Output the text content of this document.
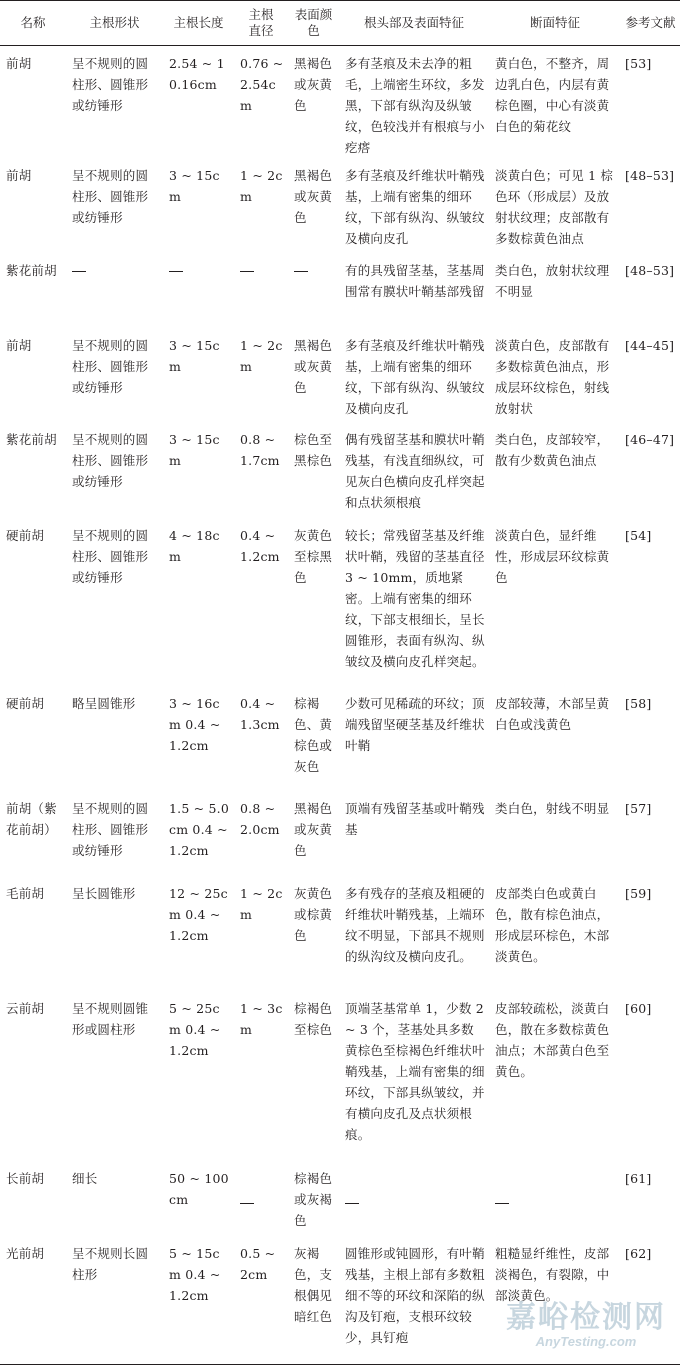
名称	主根形状	主根长度	主根直径	表面颜色	根头部及表面特征	断面特征	参考文献
前胡	呈不规则的圆柱形、圆锥形或纺锤形	2.54 ~ 10.16cm	0.76 ~ 2.54cm	黑褐色或灰黄色	多有茎痕及未去净的粗毛，上端密生环纹，多发黑，下部有纵沟及纵皱纹，色较浅并有根痕与小疙瘩	黄白色，不整齐，周边乳白色，内层有黄棕色圈，中心有淡黄白色的菊花纹	[53]
前胡	呈不规则的圆柱形、圆锥形或纺锤形	3 ~ 15cm	1 ~ 2cm	黑褐色或灰黄色	多有茎痕及纤维状叶鞘残基，上端有密集的细环纹，下部有纵沟、纵皱纹及横向皮孔	淡黄白色；可见 1 棕色环（形成层）及放射状纹理；皮部散有多数棕黄色油点	[48–53]
紫花前胡					有的具残留茎基，茎基周围常有膜状叶鞘基部残留	类白色，放射状纹理不明显	[48–53]
前胡	呈不规则的圆柱形、圆锥形或纺锤形	3 ~ 15cm	1 ~ 2cm	黑褐色或灰黄色	多有茎痕及纤维状叶鞘残基，上端有密集的细环纹，下部有纵沟、纵皱纹及横向皮孔	淡黄白色，皮部散有多数棕黄色油点，形成层环纹棕色，射线放射状	[44–45]
紫花前胡	呈不规则的圆柱形、圆锥形或纺锤形	3 ~ 15cm	0.8 ~ 1.7cm	棕色至黑棕色	偶有残留茎基和膜状叶鞘残基，有浅直细纵纹，可见灰白色横向皮孔样突起和点状须根痕	类白色，皮部较窄，散有少数黄色油点	[46–47]
硬前胡	呈不规则的圆柱形、圆锥形或纺锤形	4 ~ 18cm	0.4 ~ 1.2cm	灰黄色至棕黑色	较长；常残留茎基及纤维状叶鞘，残留的茎基直径 3 ~ 10mm，质地紧密。上端有密集的细环纹，下部支根细长，呈长圆锥形，表面有纵沟、纵皱纹及横向皮孔样突起。	淡黄白色，显纤维性，形成层环纹棕黄色	[54]
硬前胡	略呈圆锥形	3 ~ 16cm 0.4 ~ 1.2cm	0.4 ~ 1.3cm	棕褐色、黄棕色或灰色	少数可见稀疏的环纹；顶端残留坚硬茎基及纤维状叶鞘	皮部较薄，木部呈黄白色或浅黄色	[58]
前胡（紫花前胡）	呈不规则的圆柱形、圆锥形或纺锤形	1.5 ~ 5.0cm 0.4 ~ 1.2cm	0.8 ~ 2.0cm	黑褐色或灰黄色	顶端有残留茎基或叶鞘残基	类白色，射线不明显	[57]
毛前胡	呈长圆锥形	12 ~ 25cm 0.4 ~ 1.2cm	1 ~ 2cm	灰黄色或棕黄色	多有残存的茎痕及粗硬的纤维状叶鞘残基，上端环纹不明显，下部具不规则的纵沟纹及横向皮孔。	皮部类白色或黄白色，散有棕色油点，形成层环棕色，木部淡黄色。	[59]
云前胡	呈不规则圆锥形或圆柱形	5 ~ 25cm 0.4 ~ 1.2cm	1 ~ 3cm	棕褐色至棕色	顶端茎基常单 1，少数 2 ~ 3 个，茎基处具多数黄棕色至棕褐色纤维状叶鞘残基，上端有密集的细环纹，下部具纵皱纹，并有横向皮孔及点状须根痕。	皮部较疏松，淡黄白色，散在多数棕黄色油点；木部黄白色至黄色。	[60]
长前胡	细长	50 ~ 100cm		棕褐色或灰褐色			[61]
光前胡	呈不规则长圆柱形	5 ~ 15cm 0.4 ~ 1.2cm	0.5 ~ 2cm	灰褐色，支根偶见暗红色	圆锥形或钝圆形，有叶鞘残基，主根上部有多数粗细不等的环纹和深陷的纵沟及钉疱，支根环纹较少，具钉疱	粗糙显纤维性，皮部淡褐色，有裂隙，中部淡黄色。	[62]
嘉峪检测网
AnyTesting.com
